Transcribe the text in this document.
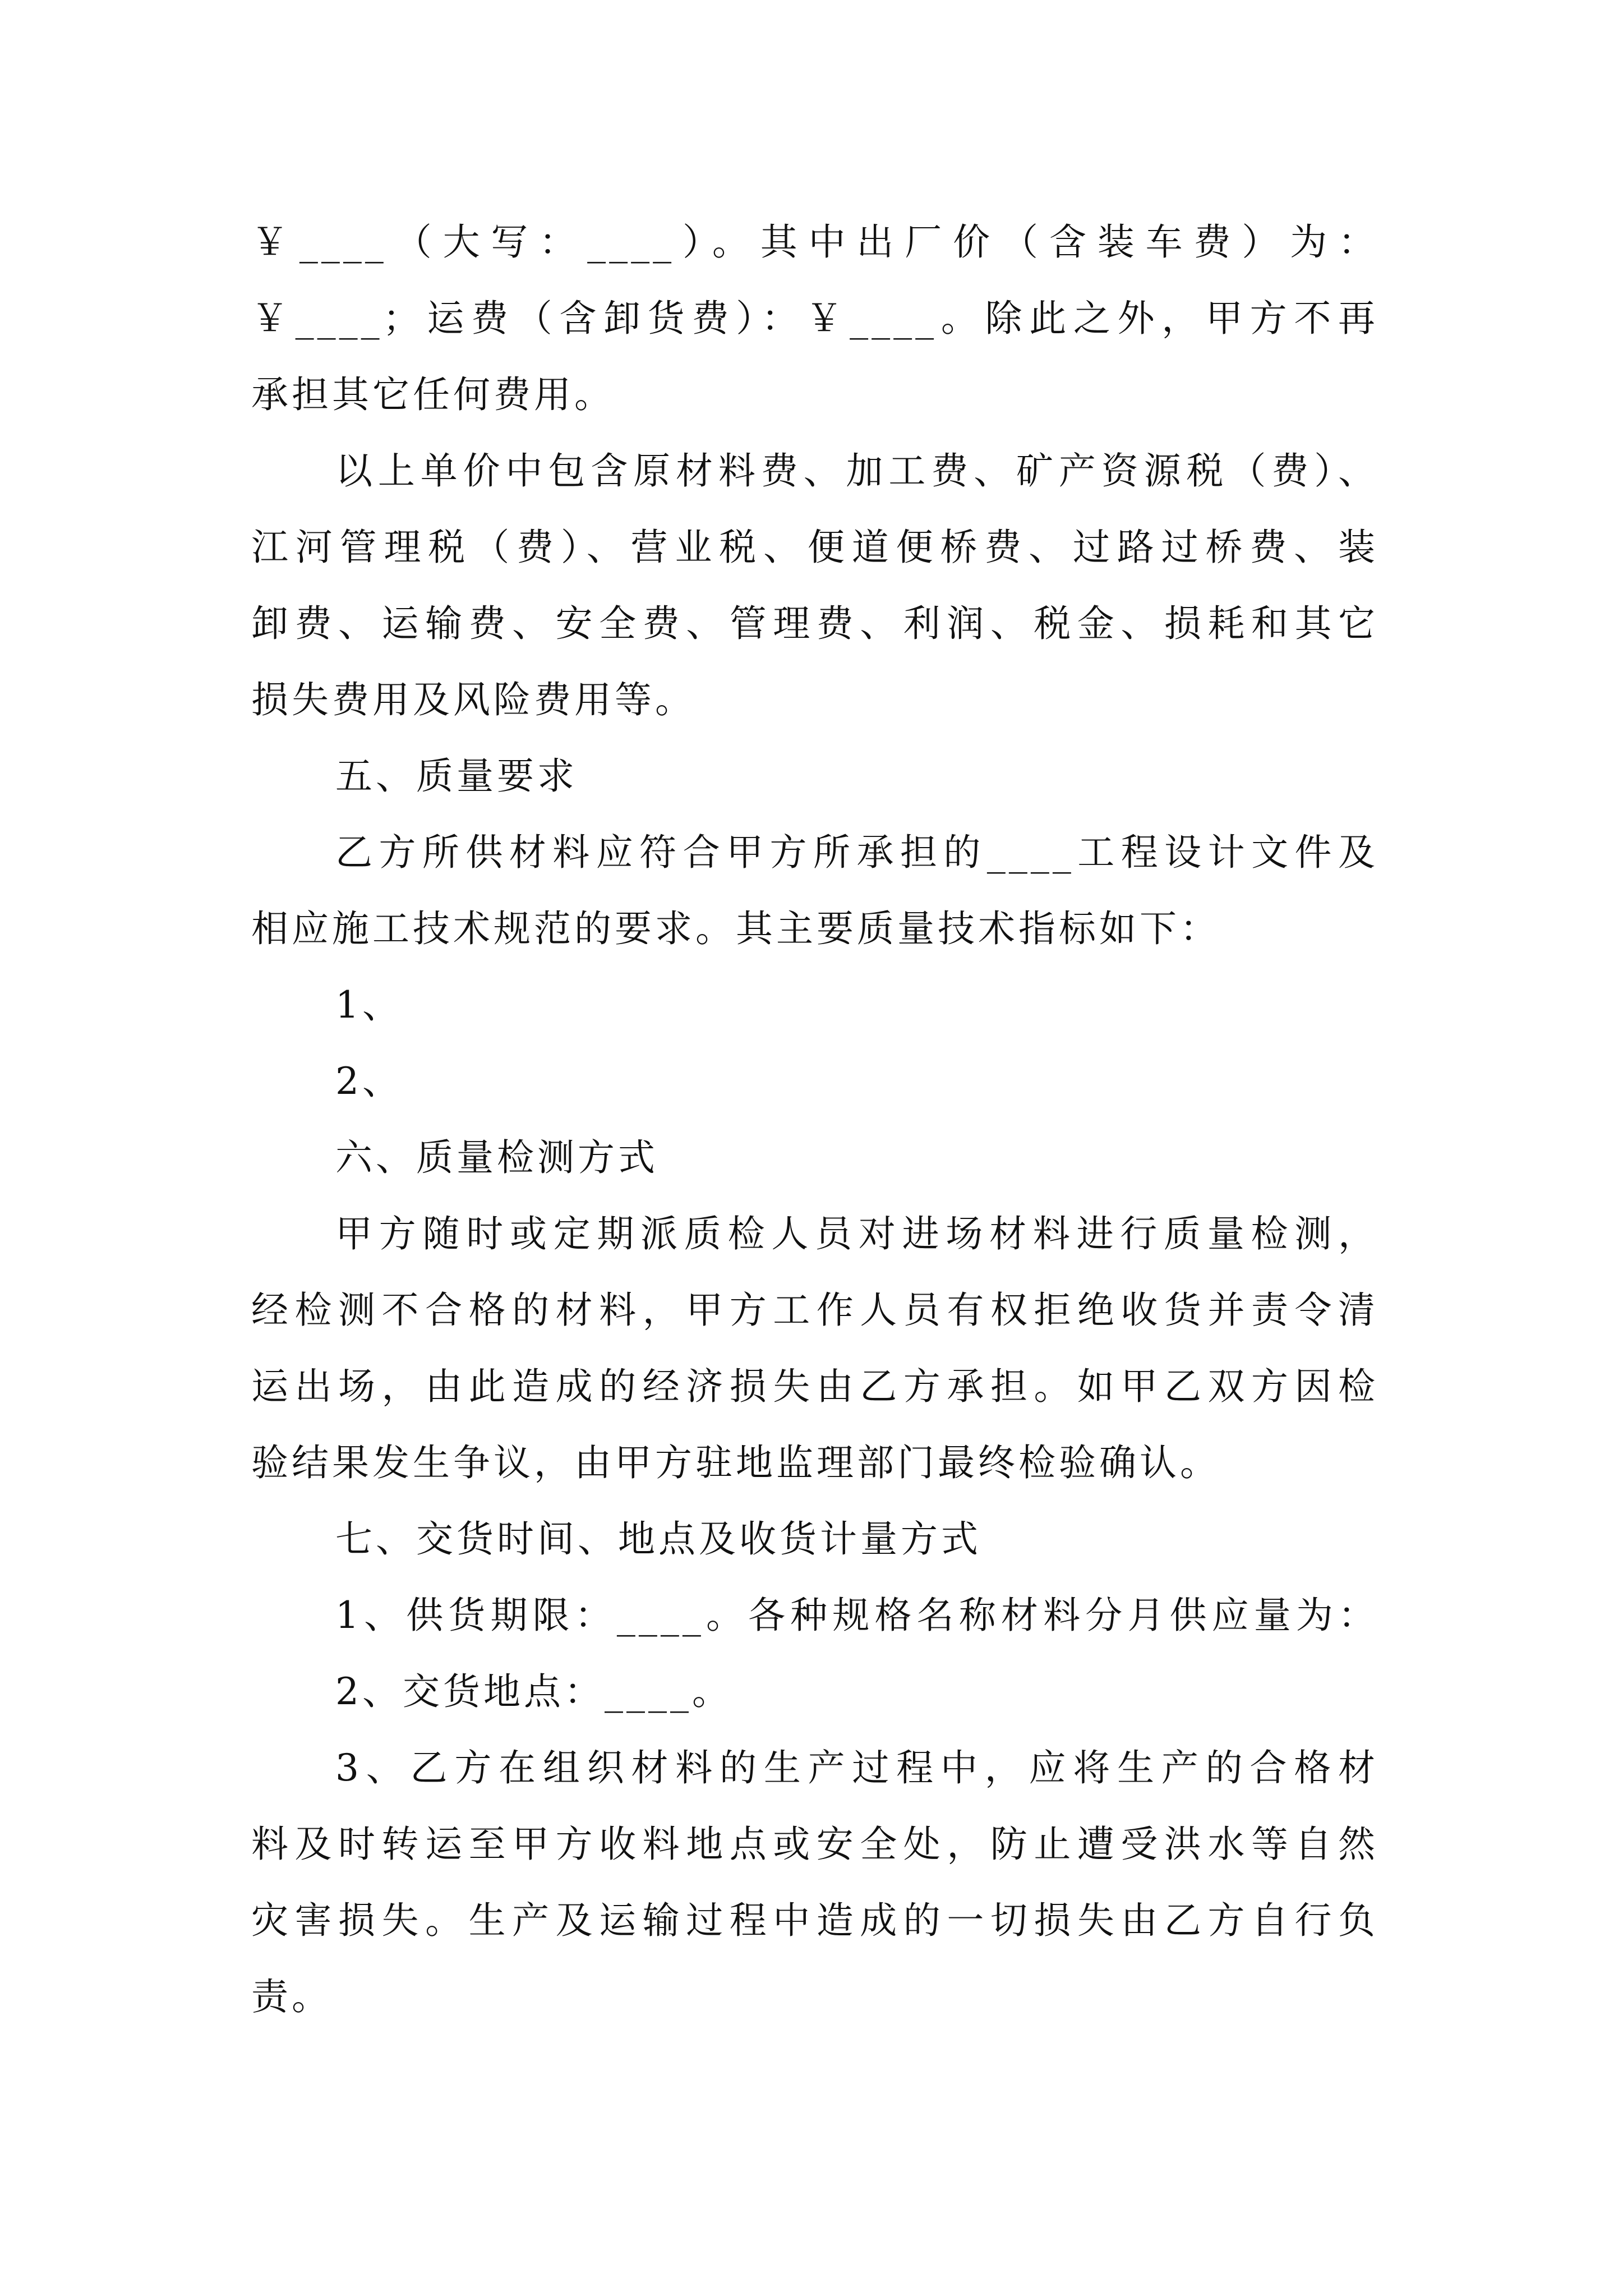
￥____（大写：____）。其中出厂价（含装车费）为：
￥____；运费（含卸货费）：￥____。除此之外，甲方不再
承担其它任何费用。
以上单价中包含原材料费、加工费、矿产资源税（费）、
江河管理税（费）、营业税、便道便桥费、过路过桥费、装
卸费、运输费、安全费、管理费、利润、税金、损耗和其它
损失费用及风险费用等。
五、质量要求
乙方所供材料应符合甲方所承担的____工程设计文件及
相应施工技术规范的要求。其主要质量技术指标如下：
1、
2、
六、质量检测方式
甲方随时或定期派质检人员对进场材料进行质量检测，
经检测不合格的材料，甲方工作人员有权拒绝收货并责令清
运出场，由此造成的经济损失由乙方承担。如甲乙双方因检
验结果发生争议，由甲方驻地监理部门最终检验确认。
七、交货时间、地点及收货计量方式
1、供货期限：____。各种规格名称材料分月供应量为：
2、交货地点：____。
3、乙方在组织材料的生产过程中，应将生产的合格材
料及时转运至甲方收料地点或安全处，防止遭受洪水等自然
灾害损失。生产及运输过程中造成的一切损失由乙方自行负
责。
